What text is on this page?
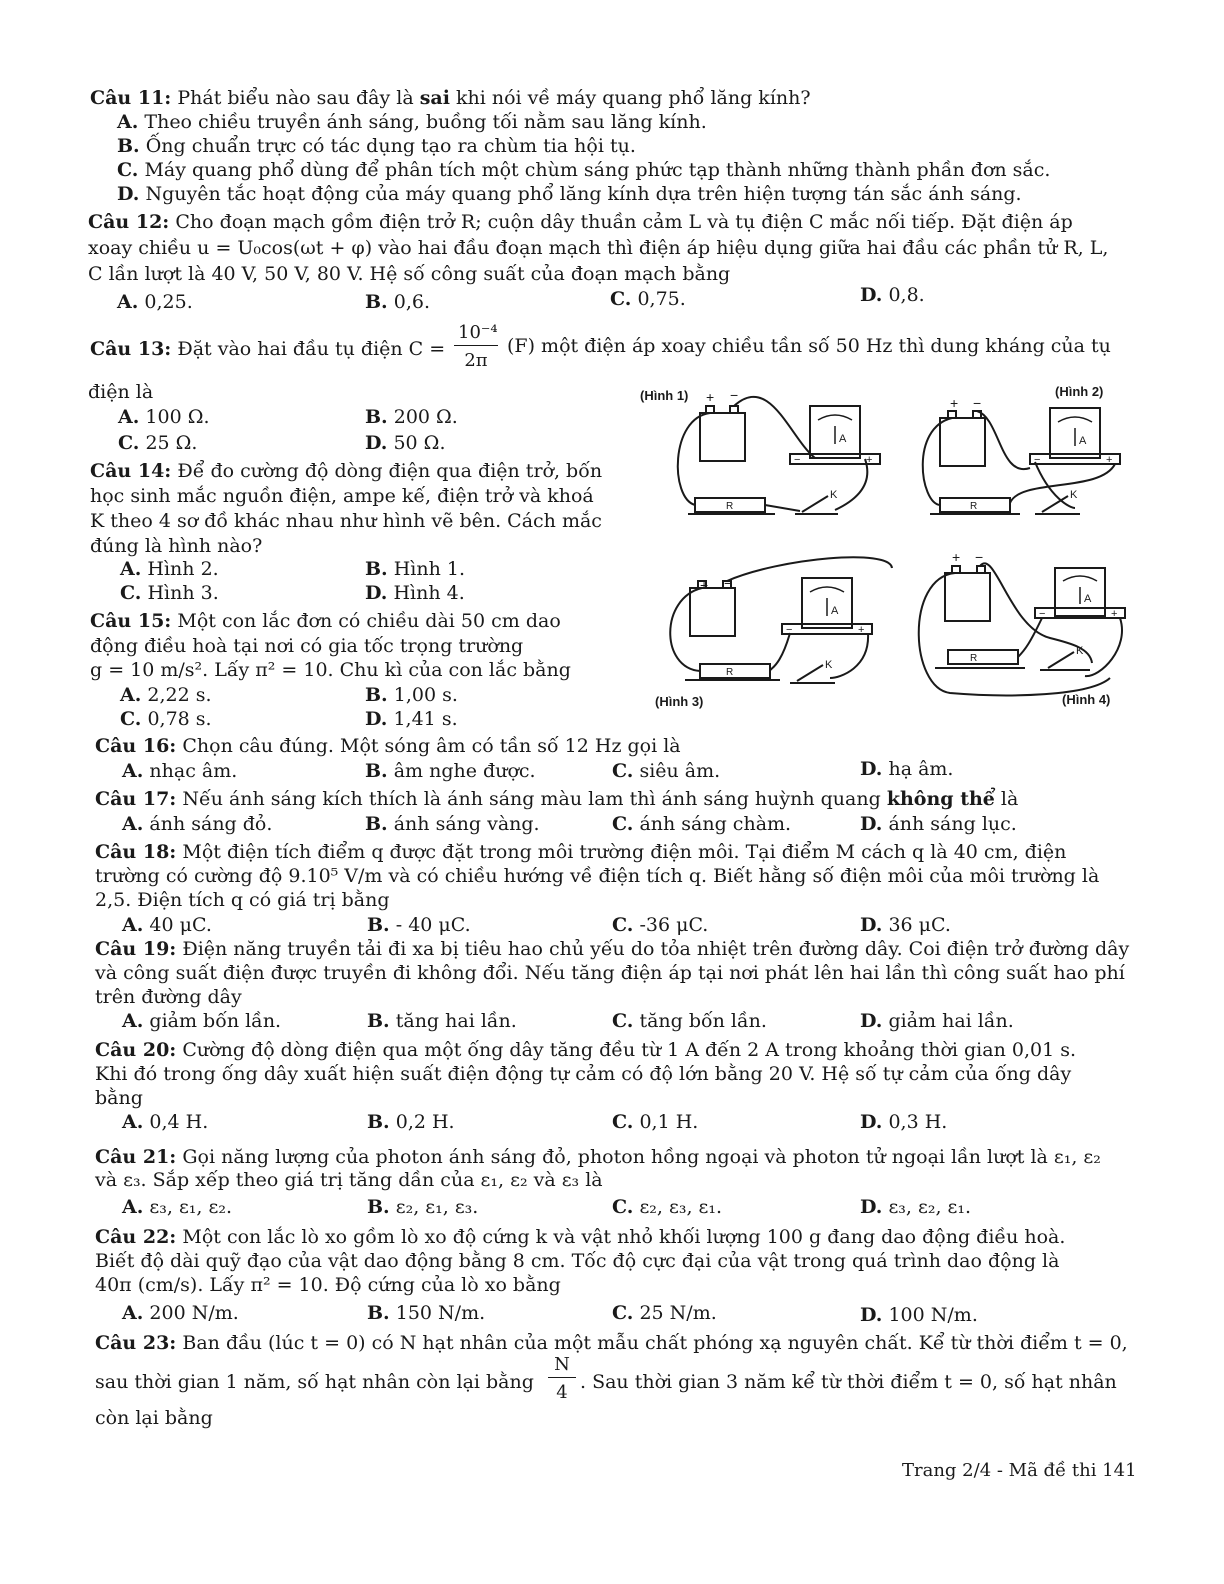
Câu 11: Phát biểu nào sau đây là sai khi nói về máy quang phổ lăng kính?
A. Theo chiều truyền ánh sáng, buồng tối nằm sau lăng kính.
B. Ống chuẩn trực có tác dụng tạo ra chùm tia hội tụ.
C. Máy quang phổ dùng để phân tích một chùm sáng phức tạp thành những thành phần đơn sắc.
D. Nguyên tắc hoạt động của máy quang phổ lăng kính dựa trên hiện tượng tán sắc ánh sáng.
Câu 12: Cho đoạn mạch gồm điện trở R; cuộn dây thuần cảm L và tụ điện C mắc nối tiếp. Đặt điện áp
xoay chiều u = U₀cos(ωt + φ) vào hai đầu đoạn mạch thì điện áp hiệu dụng giữa hai đầu các phần tử R, L,
C lần lượt là 40 V, 50 V, 80 V. Hệ số công suất của đoạn mạch bằng
A. 0,25.	B. 0,6.	C. 0,75.	D. 0,8.
Câu 13: Đặt vào hai đầu tụ điện $C = \frac{\text{10⁻⁴}}{2\pi} (F)$ một điện áp xoay chiều tần số 50 Hz thì dung kháng của tụ
điện là
A. 100 Ω.	B. 200 Ω.
C. 25 Ω.	D. 50 Ω.
Câu 14: Để đo cường độ dòng điện qua điện trở, bốn
học sinh mắc nguồn điện, ampe kế, điện trở và khoá
K theo 4 sơ đồ khác nhau như hình vẽ bên. Cách mắc
đúng là hình nào?
A. Hình 2.	B. Hình 1.
C. Hình 3.	D. Hình 4.
(Hình 1) + −
A
−	+
R
K
(Hình 2)
+ −
A
−	+
R
K
+ −
A
−	+
R
K
(Hình 3)
+ −
A
−	+
R
K
(Hình 4)
Câu 15: Một con lắc đơn có chiều dài 50 cm dao
động điều hoà tại nơi có gia tốc trọng trường
g = 10 m/s². Lấy π² = 10. Chu kì của con lắc bằng
A. 2,22 s.	B. 1,00 s.
C. 0,78 s.	D. 1,41 s.
Câu 16: Chọn câu đúng. Một sóng âm có tần số 12 Hz gọi là
A. nhạc âm.	B. âm nghe được.	C. siêu âm.	D. hạ âm.
Câu 17: Nếu ánh sáng kích thích là ánh sáng màu lam thì ánh sáng huỳnh quang không thể là
A. ánh sáng đỏ.	B. ánh sáng vàng.	C. ánh sáng chàm.	D. ánh sáng lục.
Câu 18: Một điện tích điểm q được đặt trong môi trường điện môi. Tại điểm M cách q là 40 cm, điện
trường có cường độ 9.10⁵ V/m và có chiều hướng về điện tích q. Biết hằng số điện môi của môi trường là
2,5. Điện tích q có giá trị bằng
A. 40 μC.	B. - 40 μC.	C. -36 μC.	D. 36 μC.
Câu 19: Điện năng truyền tải đi xa bị tiêu hao chủ yếu do tỏa nhiệt trên đường dây. Coi điện trở đường dây
và công suất điện được truyền đi không đổi. Nếu tăng điện áp tại nơi phát lên hai lần thì công suất hao phí
trên đường dây
A. giảm bốn lần.	B. tăng hai lần.	C. tăng bốn lần.	D. giảm hai lần.
Câu 20: Cường độ dòng điện qua một ống dây tăng đều từ 1 A đến 2 A trong khoảng thời gian 0,01 s.
Khi đó trong ống dây xuất hiện suất điện động tự cảm có độ lớn bằng 20 V. Hệ số tự cảm của ống dây
bằng
A. 0,4 H.	B. 0,2 H.	C. 0,1 H.	D. 0,3 H.
Câu 21: Gọi năng lượng của photon ánh sáng đỏ, photon hồng ngoại và photon tử ngoại lần lượt là ε₁, ε₂
và ε₃. Sắp xếp theo giá trị tăng dần của ε₁, ε₂ và ε₃ là
A. ε₃, ε₁, ε₂.	B. ε₂, ε₁, ε₃.	C. ε₂, ε₃, ε₁.	D. ε₃, ε₂, ε₁.
Câu 22: Một con lắc lò xo gồm lò xo độ cứng k và vật nhỏ khối lượng 100 g đang dao động điều hoà.
Biết độ dài quỹ đạo của vật dao động bằng 8 cm. Tốc độ cực đại của vật trong quá trình dao động là
40π (cm/s). Lấy π² = 10. Độ cứng của lò xo bằng
A. 200 N/m.	B. 150 N/m.	C. 25 N/m.	D. 100 N/m.
Câu 23: Ban đầu (lúc t = 0) có N hạt nhân của một mẫu chất phóng xạ nguyên chất. Kể từ thời điểm t = 0,
sau thời gian 1 năm, số hạt nhân còn lại bằng $\frac{N}{4}$ . Sau thời gian 3 năm kể từ thời điểm t = 0, số hạt nhân
còn lại bằng
Trang 2/4 - Mã đề thi 141
